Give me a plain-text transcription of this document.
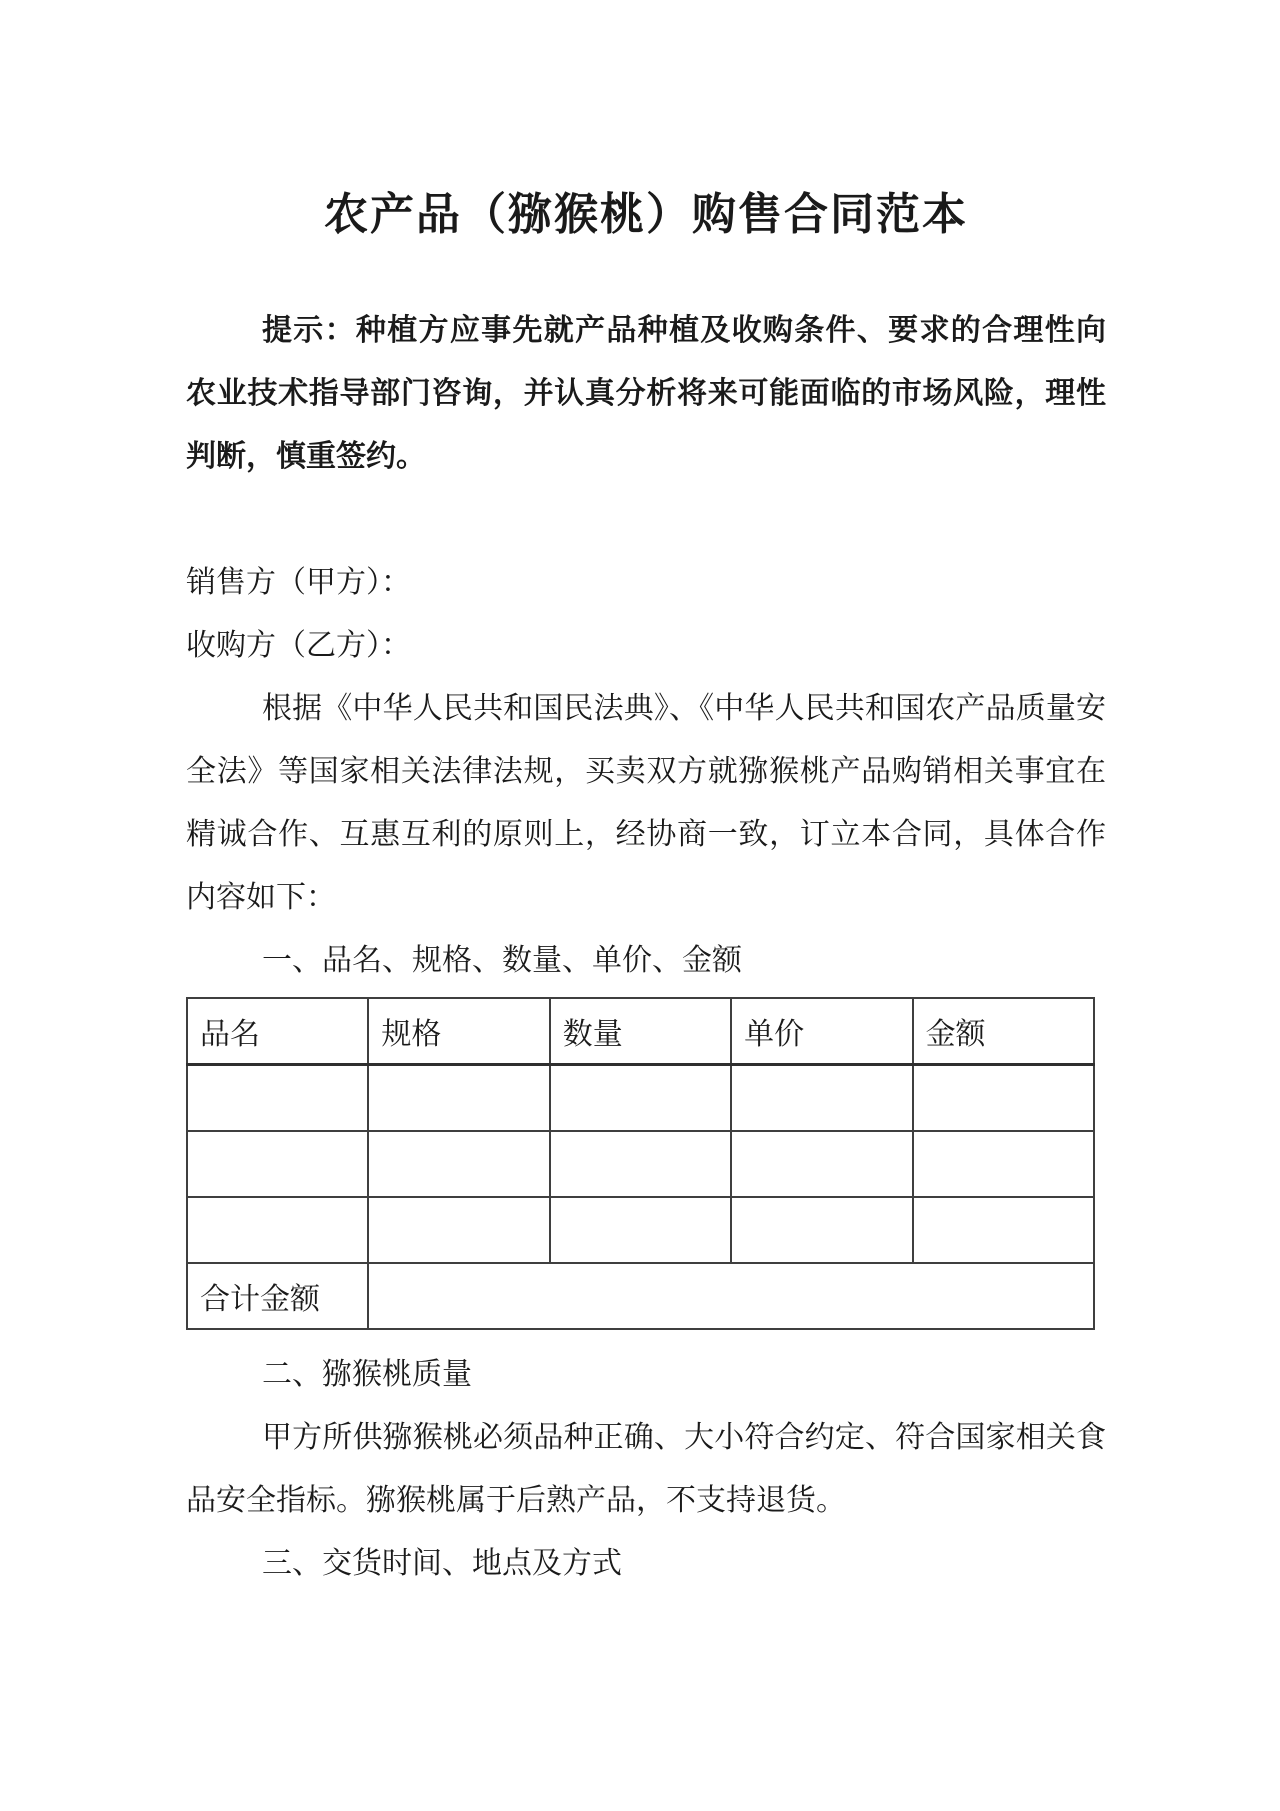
农产品（猕猴桃）购售合同范本
提示：种植方应事先就产品种植及收购条件、要求的合理性向
农业技术指导部门咨询，并认真分析将来可能面临的市场风险，理性
判断，慎重签约。
销售方（甲方）：
收购方（乙方）：
根据《中华人民共和国民法典》、《中华人民共和国农产品质量安
全法》等国家相关法律法规，买卖双方就猕猴桃产品购销相关事宜在
精诚合作、互惠互利的原则上，经协商一致，订立本合同，具体合作
内容如下：
一、品名、规格、数量、单价、金额
品名	规格	数量	单价	金额

合计金额				
二、猕猴桃质量
甲方所供猕猴桃必须品种正确、大小符合约定、符合国家相关食
品安全指标。猕猴桃属于后熟产品，不支持退货。
三、交货时间、地点及方式
